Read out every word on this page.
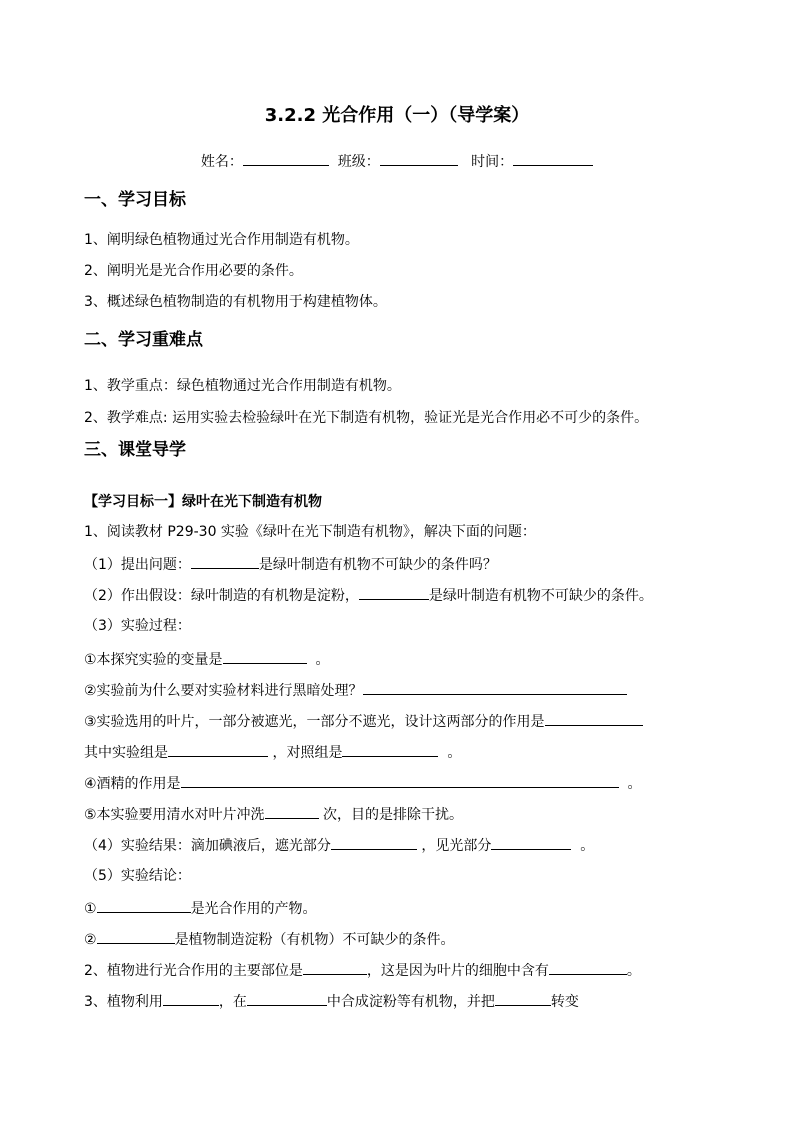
3.2.2 光合作用（一）（导学案）
姓名：	班级：	时间：
一、学习目标
1、阐明绿色植物通过光合作用制造有机物。
2、阐明光是光合作用必要的条件。
3、概述绿色植物制造的有机物用于构建植物体。
二、学习重难点
1、教学重点：绿色植物通过光合作用制造有机物。
2、教学难点: 运用实验去检验绿叶在光下制造有机物，验证光是光合作用必不可少的条件。
三、课堂导学
【学习目标一】绿叶在光下制造有机物
1、阅读教材 P29-30 实验《绿叶在光下制造有机物》，解决下面的问题：
（1）提出问题：	是绿叶制造有机物不可缺少的条件吗？
（2）作出假设：绿叶制造的有机物是淀粉，	是绿叶制造有机物不可缺少的条件。
（3）实验过程：
①本探究实验的变量是	。
②实验前为什么要对实验材料进行黑暗处理？
③实验选用的叶片，一部分被遮光，一部分不遮光，设计这两部分的作用是
其中实验组是	，对照组是	。
④酒精的作用是	。
⑤本实验要用清水对叶片冲洗	次，目的是排除干扰。
（4）实验结果：滴加碘液后，遮光部分	，见光部分	。
（5）实验结论：
①	是光合作用的产物。
②	是植物制造淀粉（有机物）不可缺少的条件。
2、植物进行光合作用的主要部位是	，这是因为叶片的细胞中含有	。
3、植物利用	，在	中合成淀粉等有机物，并把	转变
